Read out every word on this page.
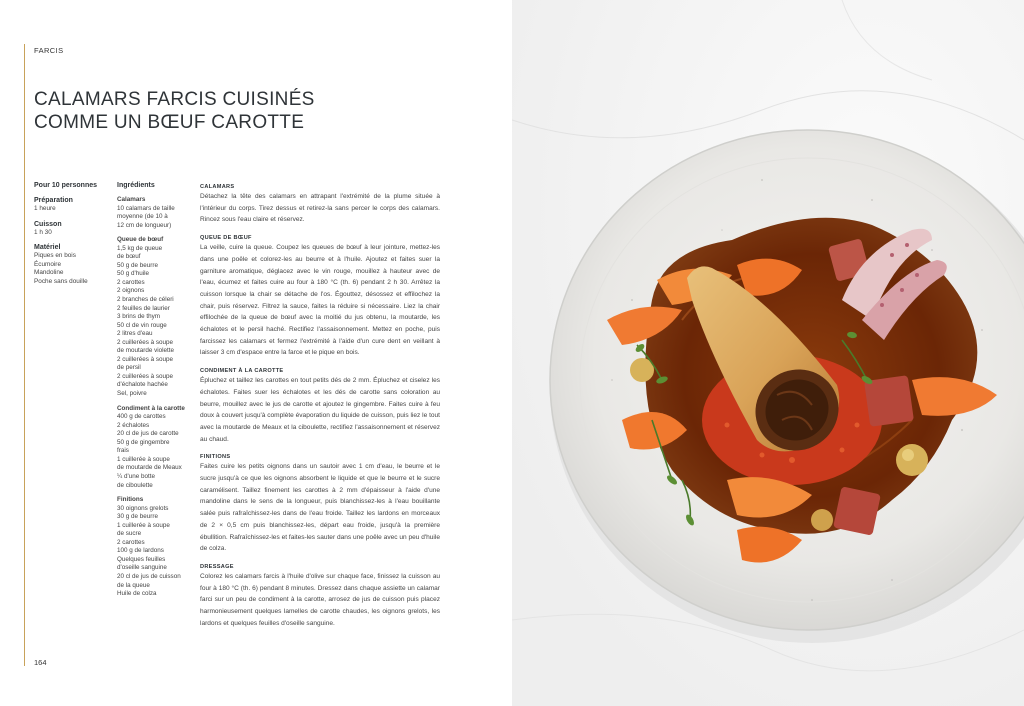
FARCIS
CALAMARS FARCIS CUISINÉS
COMME UN BŒUF CAROTTE
Pour 10 personnes
Préparation
1 heure
Cuisson
1 h 30
Matériel
Piques en bois
Écumoire
Mandoline
Poche sans douille
Ingrédients
Calamars
10 calamars de taille
moyenne (de 10 à
12 cm de longueur)
Queue de bœuf
1,5 kg de queue
de bœuf
50 g de beurre
50 g d'huile
2 carottes
2 oignons
2 branches de céleri
2 feuilles de laurier
3 brins de thym
50 cl de vin rouge
2 litres d'eau
2 cuillerées à soupe
de moutarde violette
2 cuillerées à soupe
de persil
2 cuillerées à soupe
d'échalote hachée
Sel, poivre
Condiment à la carotte
400 g de carottes
2 échalotes
20 cl de jus de carotte
50 g de gingembre
frais
1 cuillerée à soupe
de moutarde de Meaux
¼ d'une botte
de ciboulette
Finitions
30 oignons grelots
30 g de beurre
1 cuillerée à soupe
de sucre
2 carottes
100 g de lardons
Quelques feuilles
d'oseille sanguine
20 cl de jus de cuisson
de la queue
Huile de colza
CALAMARS

Détachez la tête des calamars en attrapant l'extrémité de la plume située à l'intérieur du corps. Tirez dessus et retirez-la sans percer le corps des calamars. Rincez sous l'eau claire et réservez.

QUEUE DE BŒUF

La veille, cuire la queue. Coupez les queues de bœuf à leur jointure, mettez-les dans une poêle et colorez-les au beurre et à l'huile. Ajoutez et faites suer la garniture aromatique, déglacez avec le vin rouge, mouillez à hauteur avec de l'eau, écumez et faites cuire au four à 180 °C (th. 6) pendant 2 h 30. Arrêtez la cuisson lorsque la chair se détache de l'os. Égouttez, désossez et effilochez la chair, puis réservez. Filtrez la sauce, faites la réduire si nécessaire. Liez la chair effilochée de la queue de bœuf avec la moitié du jus obtenu, la moutarde, les échalotes et le persil haché. Rectifiez l'assaisonnement. Mettez en poche, puis farcissez les calamars et fermez l'extrémité à l'aide d'un cure dent en veillant à laisser 3 cm d'espace entre la farce et le pique en bois.

CONDIMENT À LA CAROTTE

Épluchez et taillez les carottes en tout petits dés de 2 mm. Épluchez et ciselez les échalotes. Faites suer les échalotes et les dés de carotte sans coloration au beurre, mouillez avec le jus de carotte et ajoutez le gingembre. Faites cuire à feu doux à couvert jusqu'à complète évaporation du liquide de cuisson, puis liez le tout avec la moutarde de Meaux et la ciboulette, rectifiez l'assaisonnement et réservez au chaud.

FINITIONS

Faites cuire les petits oignons dans un sautoir avec 1 cm d'eau, le beurre et le sucre jusqu'à ce que les oignons absorbent le liquide et que le beurre et le sucre caramélisent. Taillez finement les carottes à 2 mm d'épaisseur à l'aide d'une mandoline dans le sens de la longueur, puis blanchissez-les à l'eau bouillante salée puis rafraîchissez-les dans de l'eau froide. Taillez les lardons en morceaux de 2 × 0,5 cm puis blanchissez-les, départ eau froide, jusqu'à la première ébullition. Rafraîchissez-les et faites-les sauter dans une poêle avec un peu d'huile de colza.

DRESSAGE

Colorez les calamars farcis à l'huile d'olive sur chaque face, finissez la cuisson au four à 180 °C (th. 6) pendant 8 minutes. Dressez dans chaque assiette un calamar farci sur un peu de condiment à la carotte, arrosez de jus de cuisson puis placez harmonieusement quelques lamelles de carotte chaudes, les oignons grelots, les lardons et quelques feuilles d'oseille sanguine.

164
